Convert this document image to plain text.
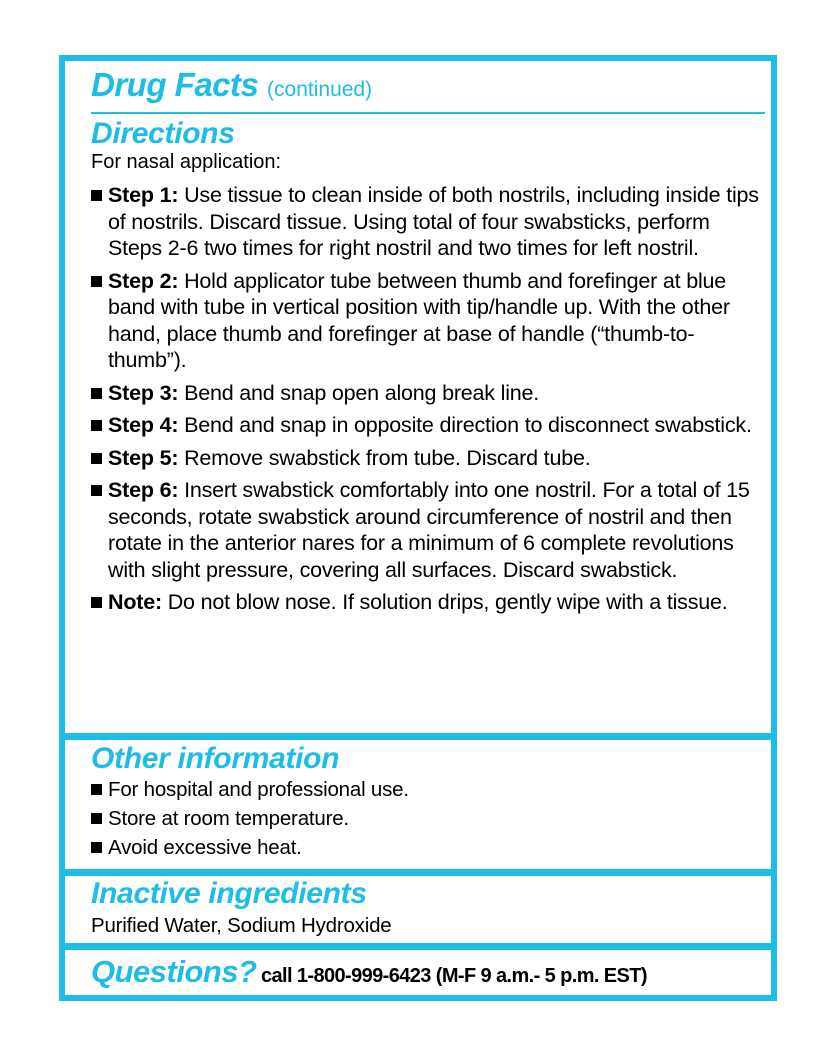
Drug Facts (continued)
Directions
For nasal application:
Step 1: Use tissue to clean inside of both nostrils, including inside tips of nostrils. Discard tissue. Using total of four swabsticks, perform Steps 2-6 two times for right nostril and two times for left nostril.
Step 2: Hold applicator tube between thumb and forefinger at blue band with tube in vertical position with tip/handle up. With the other hand, place thumb and forefinger at base of handle (“thumb-to-thumb”).
Step 3: Bend and snap open along break line.
Step 4: Bend and snap in opposite direction to disconnect swabstick.
Step 5: Remove swabstick from tube. Discard tube.
Step 6: Insert swabstick comfortably into one nostril. For a total of 15 seconds, rotate swabstick around circumference of nostril and then rotate in the anterior nares for a minimum of 6 complete revolutions with slight pressure, covering all surfaces. Discard swabstick.
Note: Do not blow nose. If solution drips, gently wipe with a tissue.
Other information
For hospital and professional use.
Store at room temperature.
Avoid excessive heat.
Inactive ingredients
Purified Water, Sodium Hydroxide
Questions? call 1-800-999-6423 (M-F 9 a.m.- 5 p.m. EST)
